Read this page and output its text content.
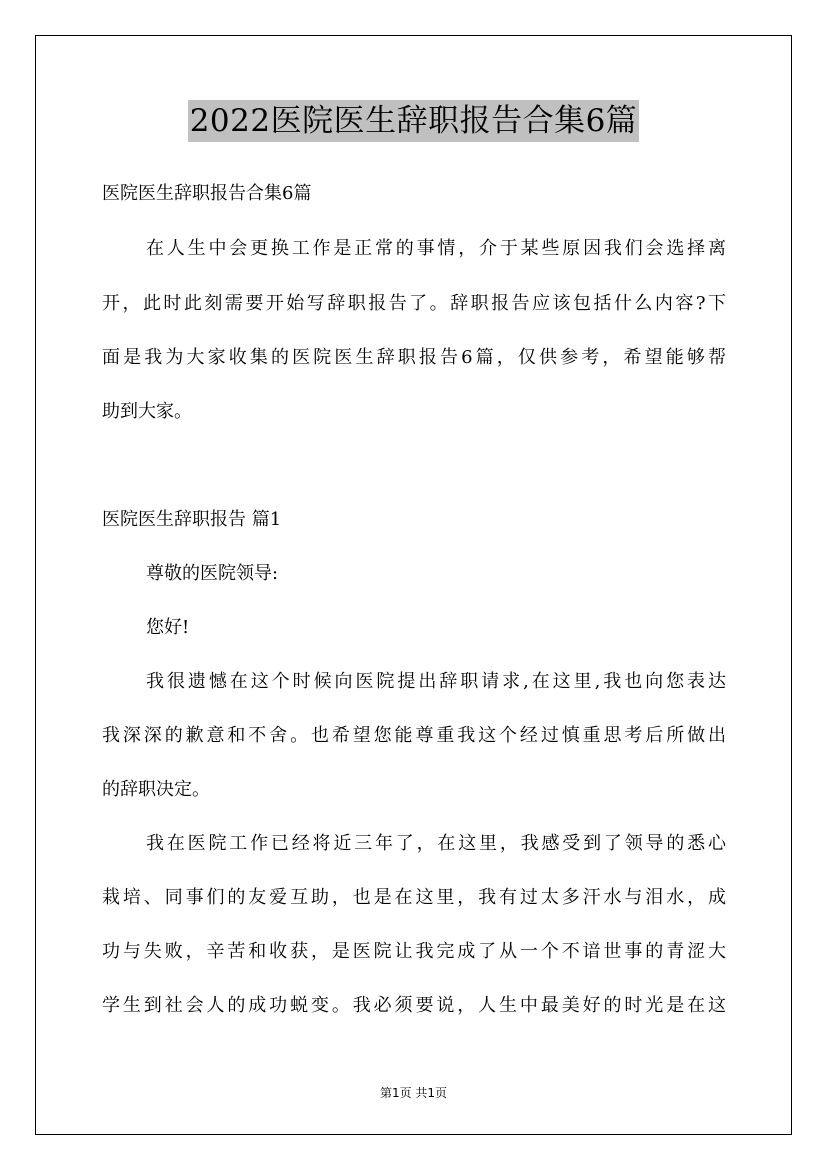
2022医院医生辞职报告合集6篇
医院医生辞职报告合集6篇
在人生中会更换工作是正常的事情，介于某些原因我们会选择离
开，此时此刻需要开始写辞职报告了。辞职报告应该包括什么内容?下
面是我为大家收集的医院医生辞职报告6篇，仅供参考，希望能够帮
助到大家。
医院医生辞职报告 篇1
尊敬的医院领导:
您好!
我很遗憾在这个时候向医院提出辞职请求,在这里,我也向您表达
我深深的歉意和不舍。也希望您能尊重我这个经过慎重思考后所做出
的辞职决定。
我在医院工作已经将近三年了，在这里，我感受到了领导的悉心
栽培、同事们的友爱互助，也是在这里，我有过太多汗水与泪水，成
功与失败，辛苦和收获，是医院让我完成了从一个不谙世事的青涩大
学生到社会人的成功蜕变。我必须要说，人生中最美好的时光是在这
第1页 共1页
